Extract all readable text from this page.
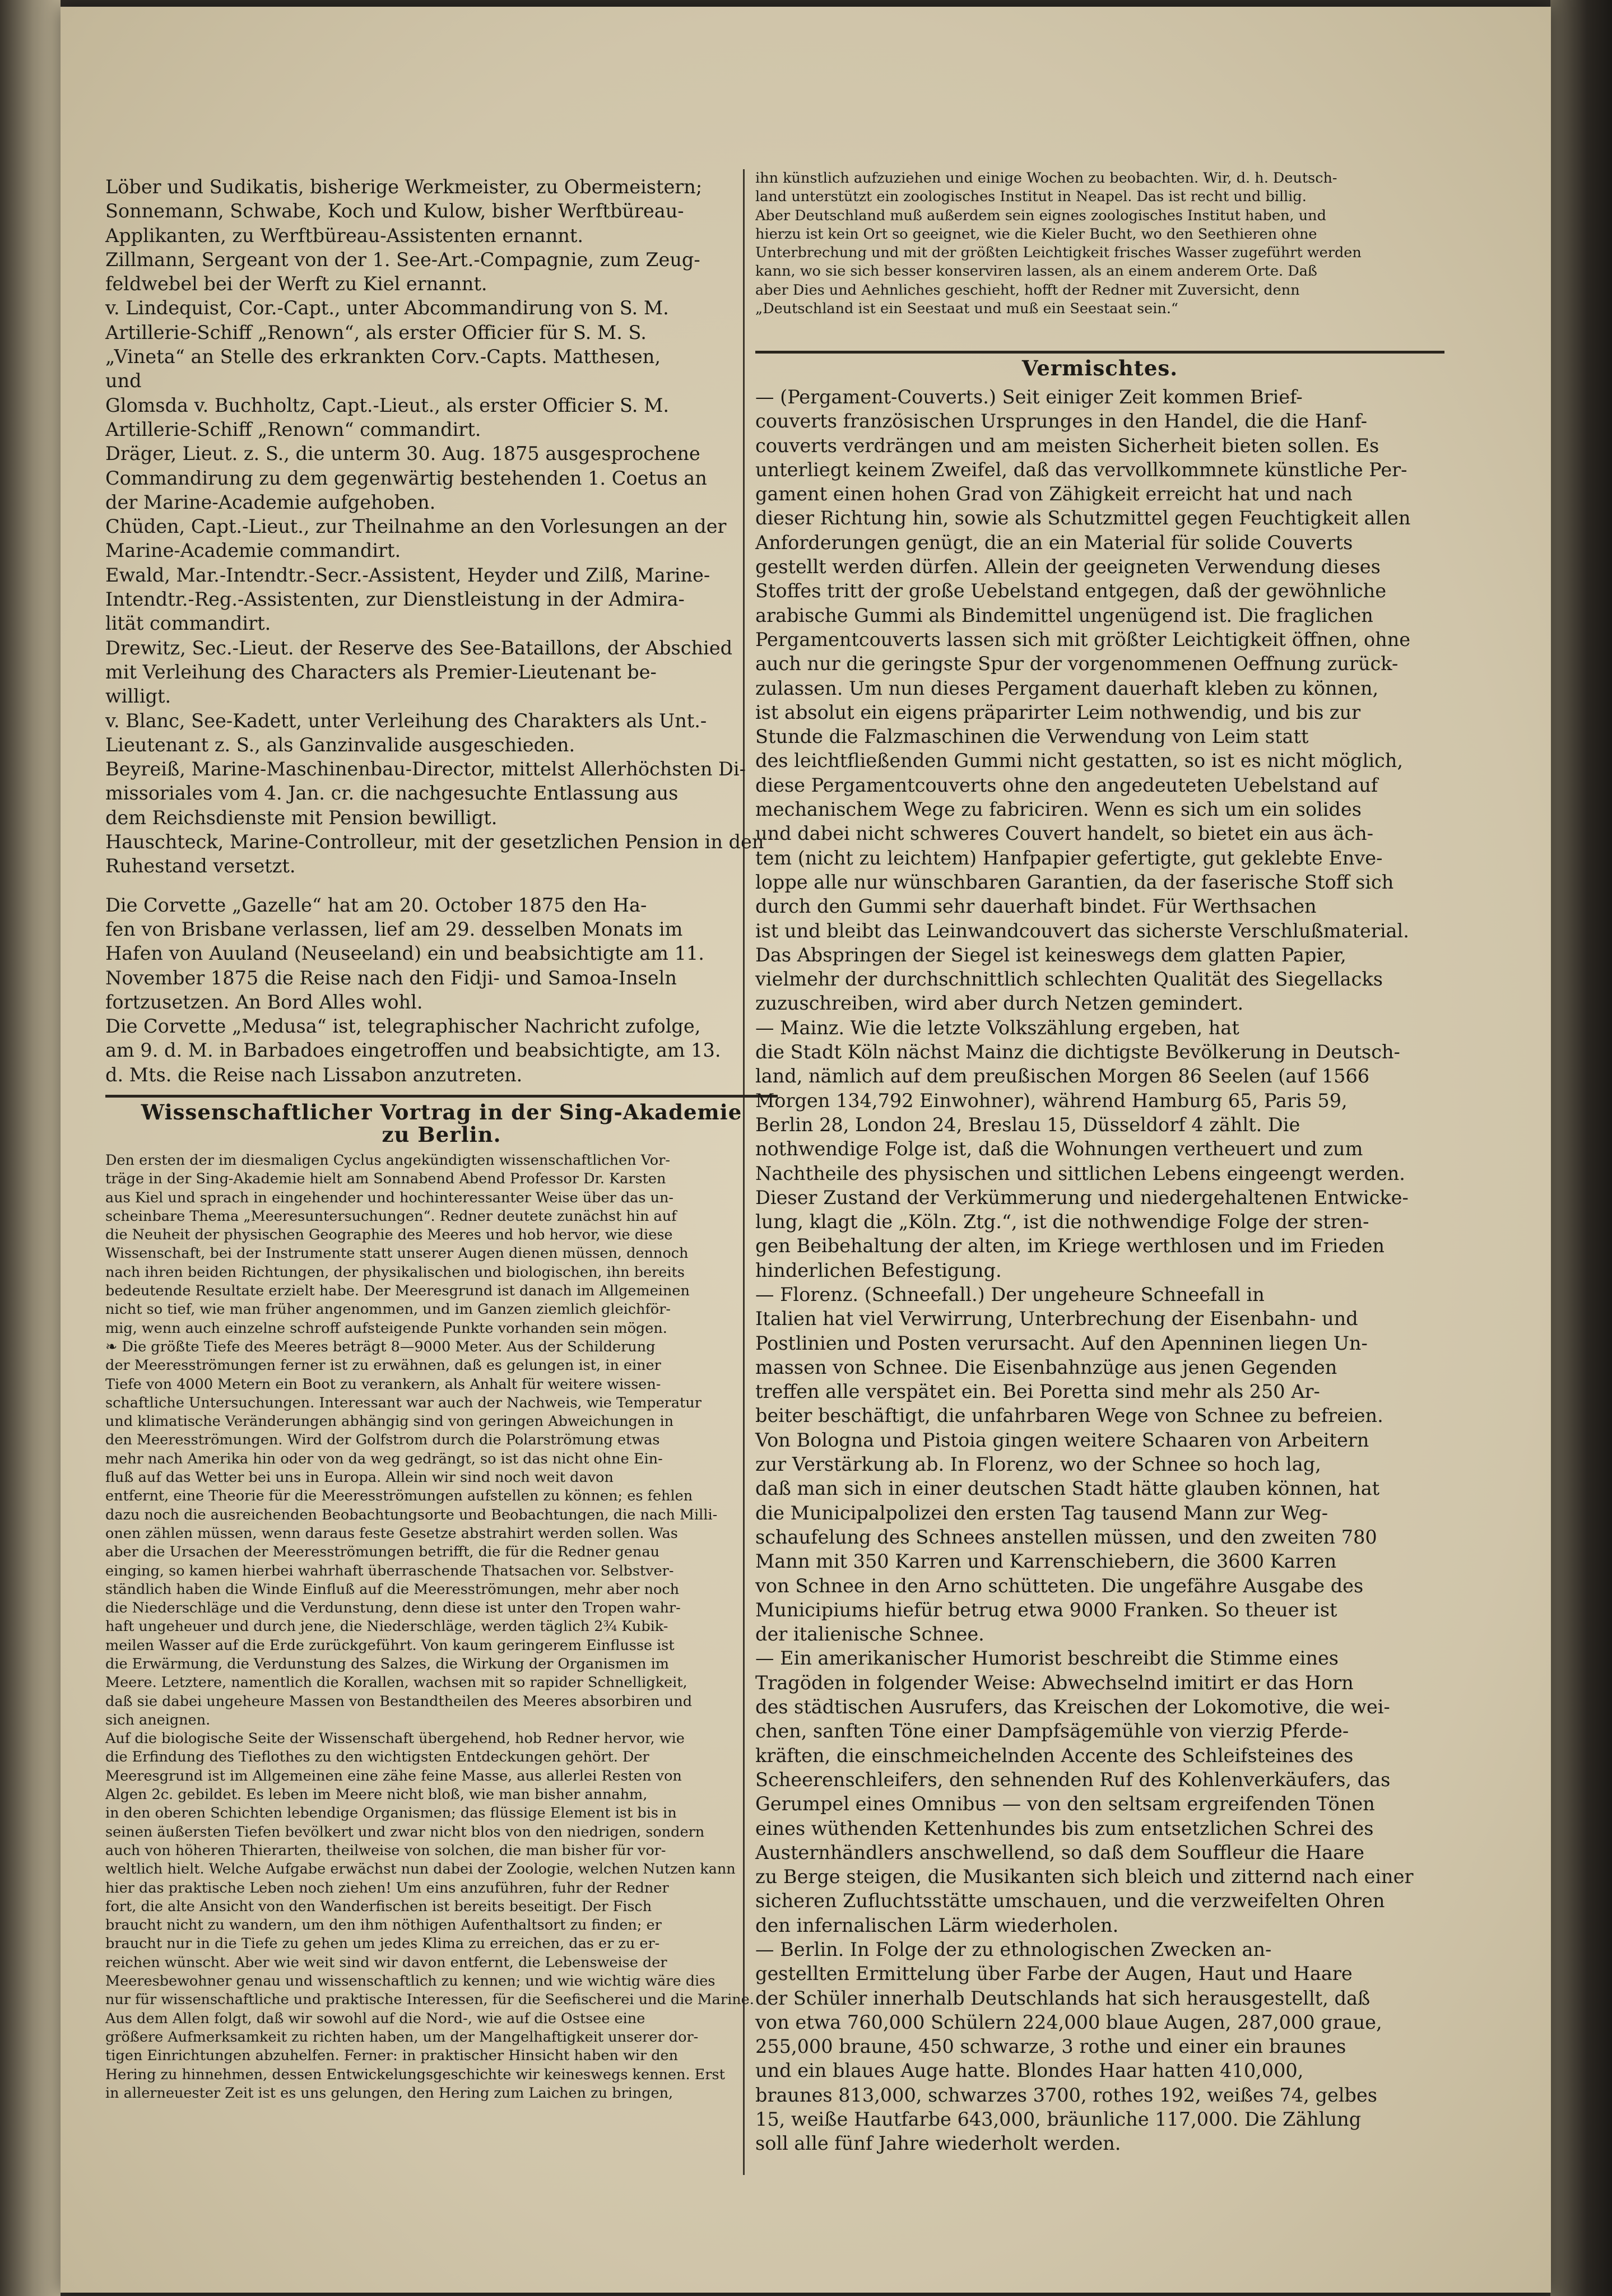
Löber und Sudikatis, bisherige Werkmeister, zu Obermeistern;

Sonnemann, Schwabe, Koch und Kulow, bisher Werftbüreau-
Applikanten, zu Werftbüreau-Assistenten ernannt.

Zillmann, Sergeant von der 1. See-Art.-Compagnie, zum Zeug-
feldwebel bei der Werft zu Kiel ernannt.

v. Lindequist, Cor.-Capt., unter Abcommandirung von S. M.
Artillerie-Schiff „Renown“, als erster Officier für S. M. S.
„Vineta“ an Stelle des erkrankten Corv.-Capts. Matthesen,
und

Glomsda v. Buchholtz, Capt.-Lieut., als erster Officier S. M.
Artillerie-Schiff „Renown“ commandirt.

Dräger, Lieut. z. S., die unterm 30. Aug. 1875 ausgesprochene
Commandirung zu dem gegenwärtig bestehenden 1. Coetus an
der Marine-Academie aufgehoben.

Chüden, Capt.-Lieut., zur Theilnahme an den Vorlesungen an der
Marine-Academie commandirt.

Ewald, Mar.-Intendtr.-Secr.-Assistent, Heyder und Zilß, Marine-
Intendtr.-Reg.-Assistenten, zur Dienstleistung in der Admira-
lität commandirt.

Drewitz, Sec.-Lieut. der Reserve des See-Bataillons, der Abschied
mit Verleihung des Characters als Premier-Lieutenant be-
willigt.

v. Blanc, See-Kadett, unter Verleihung des Charakters als Unt.-
Lieutenant z. S., als Ganzinvalide ausgeschieden.

Beyreiß, Marine-Maschinenbau-Director, mittelst Allerhöchsten Di-
missoriales vom 4. Jan. cr. die nachgesuchte Entlassung aus
dem Reichsdienste mit Pension bewilligt.

Hauschteck, Marine-Controlleur, mit der gesetzlichen Pension in den
Ruhestand versetzt.

Die Corvette „Gazelle“ hat am 20. October 1875 den Ha-
fen von Brisbane verlassen, lief am 29. desselben Monats im
Hafen von Auuland (Neuseeland) ein und beabsichtigte am 11.
November 1875 die Reise nach den Fidji- und Samoa-Inseln
fortzusetzen. An Bord Alles wohl.
Die Corvette „Medusa“ ist, telegraphischer Nachricht zufolge,
am 9. d. M. in Barbadoes eingetroffen und beabsichtigte, am 13.
d. Mts. die Reise nach Lissabon anzutreten.

Wissenschaftlicher Vortrag in der Sing-Akademie
zu Berlin.

Den ersten der im diesmaligen Cyclus angekündigten wissenschaftlichen Vor-
träge in der Sing-Akademie hielt am Sonnabend Abend Professor Dr. Karsten
aus Kiel und sprach in eingehender und hochinteressanter Weise über das un-
scheinbare Thema „Meeresuntersuchungen“. Redner deutete zunächst hin auf
die Neuheit der physischen Geographie des Meeres und hob hervor, wie diese
Wissenschaft, bei der Instrumente statt unserer Augen dienen müssen, dennoch
nach ihren beiden Richtungen, der physikalischen und biologischen, ihn bereits
bedeutende Resultate erzielt habe. Der Meeresgrund ist danach im Allgemeinen
nicht so tief, wie man früher angenommen, und im Ganzen ziemlich gleichför-
mig, wenn auch einzelne schroff aufsteigende Punkte vorhanden sein mögen.
❧ Die größte Tiefe des Meeres beträgt 8—9000 Meter. Aus der Schilderung
der Meeresströmungen ferner ist zu erwähnen, daß es gelungen ist, in einer
Tiefe von 4000 Metern ein Boot zu verankern, als Anhalt für weitere wissen-
schaftliche Untersuchungen. Interessant war auch der Nachweis, wie Temperatur
und klimatische Veränderungen abhängig sind von geringen Abweichungen in
den Meeresströmungen. Wird der Golfstrom durch die Polarströmung etwas
mehr nach Amerika hin oder von da weg gedrängt, so ist das nicht ohne Ein-
fluß auf das Wetter bei uns in Europa. Allein wir sind noch weit davon
entfernt, eine Theorie für die Meeresströmungen aufstellen zu können; es fehlen
dazu noch die ausreichenden Beobachtungsorte und Beobachtungen, die nach Milli-
onen zählen müssen, wenn daraus feste Gesetze abstrahirt werden sollen. Was
aber die Ursachen der Meeresströmungen betrifft, die für die Redner genau
einging, so kamen hierbei wahrhaft überraschende Thatsachen vor. Selbstver-
ständlich haben die Winde Einfluß auf die Meeresströmungen, mehr aber noch
die Niederschläge und die Verdunstung, denn diese ist unter den Tropen wahr-
haft ungeheuer und durch jene, die Niederschläge, werden täglich 2¾ Kubik-
meilen Wasser auf die Erde zurückgeführt. Von kaum geringerem Einflusse ist
die Erwärmung, die Verdunstung des Salzes, die Wirkung der Organismen im
Meere. Letztere, namentlich die Korallen, wachsen mit so rapider Schnelligkeit,
daß sie dabei ungeheure Massen von Bestandtheilen des Meeres absorbiren und
sich aneignen.
Auf die biologische Seite der Wissenschaft übergehend, hob Redner hervor, wie
die Erfindung des Tieflothes zu den wichtigsten Entdeckungen gehört. Der
Meeresgrund ist im Allgemeinen eine zähe feine Masse, aus allerlei Resten von
Algen 2c. gebildet. Es leben im Meere nicht bloß, wie man bisher annahm,
in den oberen Schichten lebendige Organismen; das flüssige Element ist bis in
seinen äußersten Tiefen bevölkert und zwar nicht blos von den niedrigen, sondern
auch von höheren Thierarten, theilweise von solchen, die man bisher für vor-
weltlich hielt. Welche Aufgabe erwächst nun dabei der Zoologie, welchen Nutzen kann
hier das praktische Leben noch ziehen! Um eins anzuführen, fuhr der Redner
fort, die alte Ansicht von den Wanderfischen ist bereits beseitigt. Der Fisch
braucht nicht zu wandern, um den ihm nöthigen Aufenthaltsort zu finden; er
braucht nur in die Tiefe zu gehen um jedes Klima zu erreichen, das er zu er-
reichen wünscht. Aber wie weit sind wir davon entfernt, die Lebensweise der
Meeresbewohner genau und wissenschaftlich zu kennen; und wie wichtig wäre dies
nur für wissenschaftliche und praktische Interessen, für die Seefischerei und die Marine.
Aus dem Allen folgt, daß wir sowohl auf die Nord-, wie auf die Ostsee eine
größere Aufmerksamkeit zu richten haben, um der Mangelhaftigkeit unserer dor-
tigen Einrichtungen abzuhelfen. Ferner: in praktischer Hinsicht haben wir den
Hering zu hinnehmen, dessen Entwickelungsgeschichte wir keineswegs kennen. Erst
in allerneuester Zeit ist es uns gelungen, den Hering zum Laichen zu bringen,

ihn künstlich aufzuziehen und einige Wochen zu beobachten. Wir, d. h. Deutsch-
land unterstützt ein zoologisches Institut in Neapel. Das ist recht und billig.
Aber Deutschland muß außerdem sein eignes zoologisches Institut haben, und
hierzu ist kein Ort so geeignet, wie die Kieler Bucht, wo den Seethieren ohne
Unterbrechung und mit der größten Leichtigkeit frisches Wasser zugeführt werden
kann, wo sie sich besser konserviren lassen, als an einem anderem Orte. Daß
aber Dies und Aehnliches geschieht, hofft der Redner mit Zuversicht, denn
„Deutschland ist ein Seestaat und muß ein Seestaat sein.“

Vermischtes.

— (Pergament-Couverts.) Seit einiger Zeit kommen Brief-
couverts französischen Ursprunges in den Handel, die die Hanf-
couverts verdrängen und am meisten Sicherheit bieten sollen. Es
unterliegt keinem Zweifel, daß das vervollkommnete künstliche Per-
gament einen hohen Grad von Zähigkeit erreicht hat und nach
dieser Richtung hin, sowie als Schutzmittel gegen Feuchtigkeit allen
Anforderungen genügt, die an ein Material für solide Couverts
gestellt werden dürfen. Allein der geeigneten Verwendung dieses
Stoffes tritt der große Uebelstand entgegen, daß der gewöhnliche
arabische Gummi als Bindemittel ungenügend ist. Die fraglichen
Pergamentcouverts lassen sich mit größter Leichtigkeit öffnen, ohne
auch nur die geringste Spur der vorgenommenen Oeffnung zurück-
zulassen. Um nun dieses Pergament dauerhaft kleben zu können,
ist absolut ein eigens präparirter Leim nothwendig, und bis zur
Stunde die Falzmaschinen die Verwendung von Leim statt
des leichtfließenden Gummi nicht gestatten, so ist es nicht möglich,
diese Pergamentcouverts ohne den angedeuteten Uebelstand auf
mechanischem Wege zu fabriciren. Wenn es sich um ein solides
und dabei nicht schweres Couvert handelt, so bietet ein aus äch-
tem (nicht zu leichtem) Hanfpapier gefertigte, gut geklebte Enve-
loppe alle nur wünschbaren Garantien, da der faserische Stoff sich
durch den Gummi sehr dauerhaft bindet. Für Werthsachen
ist und bleibt das Leinwandcouvert das sicherste Verschlußmaterial.
Das Abspringen der Siegel ist keineswegs dem glatten Papier,
vielmehr der durchschnittlich schlechten Qualität des Siegellacks
zuzuschreiben, wird aber durch Netzen gemindert.

— Mainz. Wie die letzte Volkszählung ergeben, hat
die Stadt Köln nächst Mainz die dichtigste Bevölkerung in Deutsch-
land, nämlich auf dem preußischen Morgen 86 Seelen (auf 1566
Morgen 134,792 Einwohner), während Hamburg 65, Paris 59,
Berlin 28, London 24, Breslau 15, Düsseldorf 4 zählt. Die
nothwendige Folge ist, daß die Wohnungen vertheuert und zum
Nachtheile des physischen und sittlichen Lebens eingeengt werden.
Dieser Zustand der Verkümmerung und niedergehaltenen Entwicke-
lung, klagt die „Köln. Ztg.“, ist die nothwendige Folge der stren-
gen Beibehaltung der alten, im Kriege werthlosen und im Frieden
hinderlichen Befestigung.

— Florenz. (Schneefall.) Der ungeheure Schneefall in
Italien hat viel Verwirrung, Unterbrechung der Eisenbahn- und
Postlinien und Posten verursacht. Auf den Apenninen liegen Un-
massen von Schnee. Die Eisenbahnzüge aus jenen Gegenden
treffen alle verspätet ein. Bei Poretta sind mehr als 250 Ar-
beiter beschäftigt, die unfahrbaren Wege von Schnee zu befreien.
Von Bologna und Pistoia gingen weitere Schaaren von Arbeitern
zur Verstärkung ab. In Florenz, wo der Schnee so hoch lag,
daß man sich in einer deutschen Stadt hätte glauben können, hat
die Municipalpolizei den ersten Tag tausend Mann zur Weg-
schaufelung des Schnees anstellen müssen, und den zweiten 780
Mann mit 350 Karren und Karrenschiebern, die 3600 Karren
von Schnee in den Arno schütteten. Die ungefähre Ausgabe des
Municipiums hiefür betrug etwa 9000 Franken. So theuer ist
der italienische Schnee.

— Ein amerikanischer Humorist beschreibt die Stimme eines
Tragöden in folgender Weise: Abwechselnd imitirt er das Horn
des städtischen Ausrufers, das Kreischen der Lokomotive, die wei-
chen, sanften Töne einer Dampfsägemühle von vierzig Pferde-
kräften, die einschmeichelnden Accente des Schleifsteines des
Scheerenschleifers, den sehnenden Ruf des Kohlenverkäufers, das
Gerumpel eines Omnibus — von den seltsam ergreifenden Tönen
eines wüthenden Kettenhundes bis zum entsetzlichen Schrei des
Austernhändlers anschwellend, so daß dem Souffleur die Haare
zu Berge steigen, die Musikanten sich bleich und zitternd nach einer
sicheren Zufluchtsstätte umschauen, und die verzweifelten Ohren
den infernalischen Lärm wiederholen.

— Berlin. In Folge der zu ethnologischen Zwecken an-
gestellten Ermittelung über Farbe der Augen, Haut und Haare
der Schüler innerhalb Deutschlands hat sich herausgestellt, daß
von etwa 760,000 Schülern 224,000 blaue Augen, 287,000 graue,
255,000 braune, 450 schwarze, 3 rothe und einer ein braunes
und ein blaues Auge hatte. Blondes Haar hatten 410,000,
braunes 813,000, schwarzes 3700, rothes 192, weißes 74, gelbes
15, weiße Hautfarbe 643,000, bräunliche 117,000. Die Zählung
soll alle fünf Jahre wiederholt werden.
